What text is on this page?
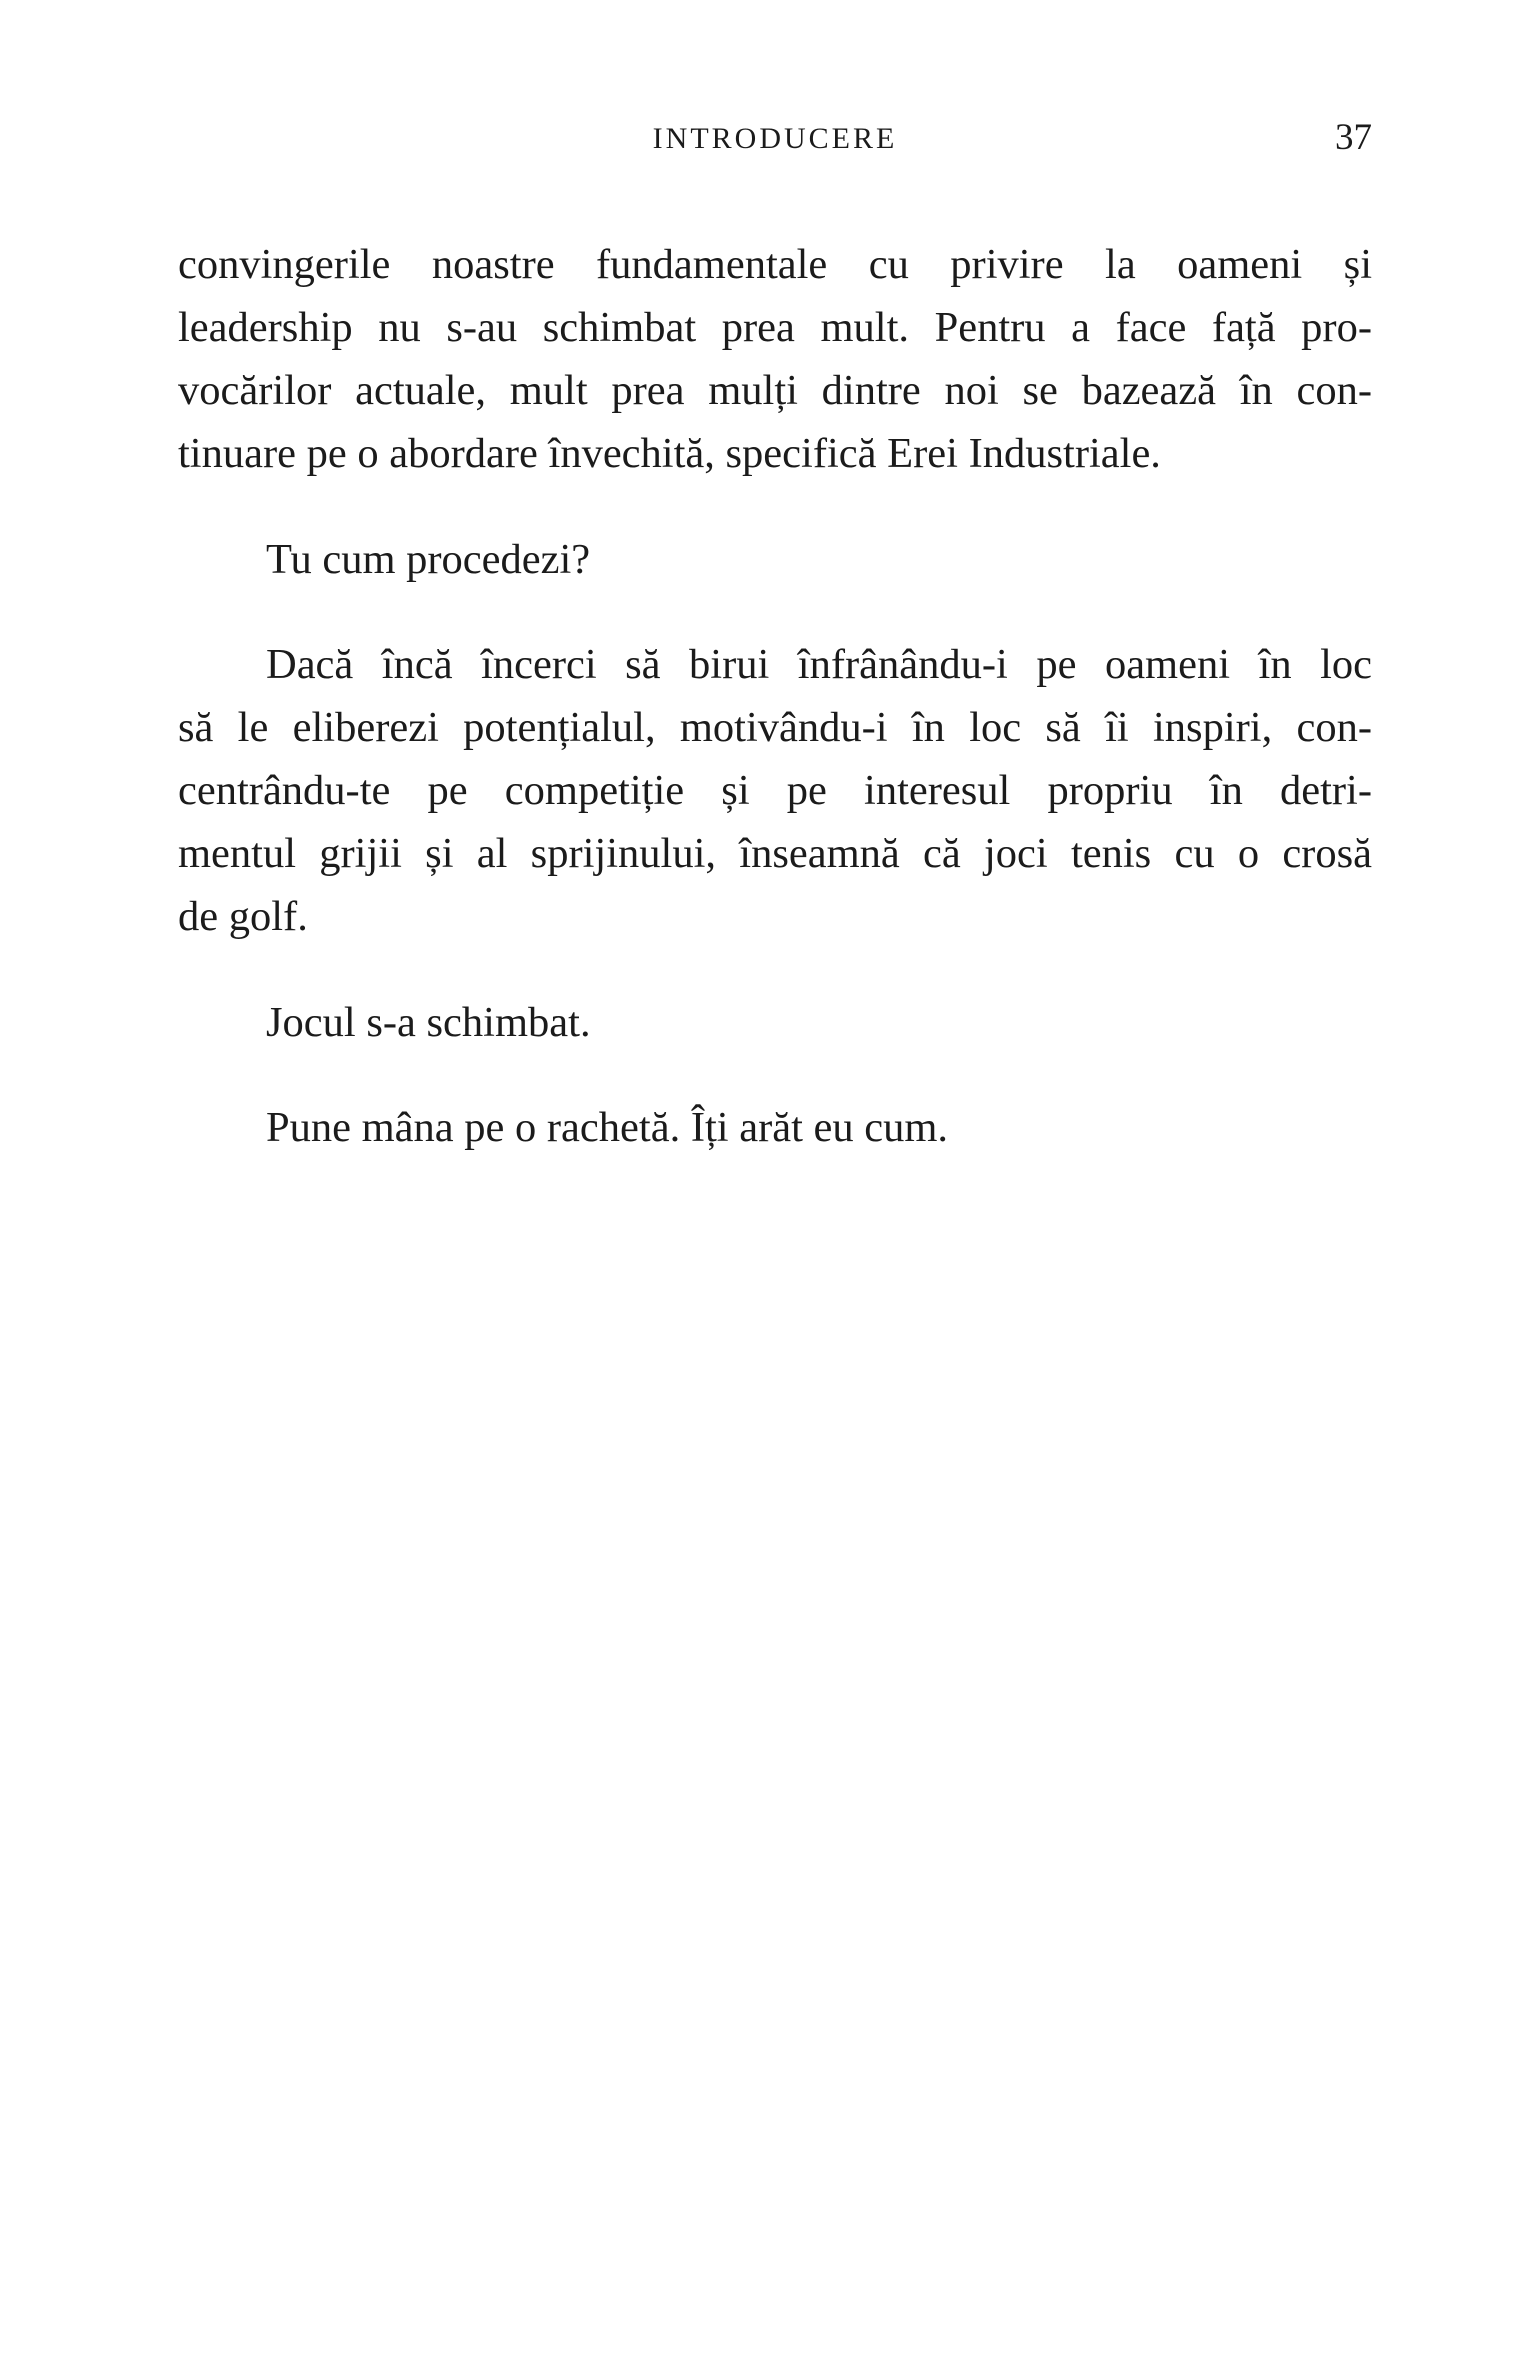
INTRODUCERE	37

convingerile noastre fundamentale cu privire la oameni și
leadership nu s-au schimbat prea mult. Pentru a face față pro-
vocărilor actuale, mult prea mulți dintre noi se bazează în con-
tinuare pe o abordare învechită, specifică Erei Industriale.

Tu cum procedezi?

Dacă încă încerci să birui înfrânându-i pe oameni în loc
să le eliberezi potențialul, motivându-i în loc să îi inspiri, con-
centrându-te pe competiție și pe interesul propriu în detri-
mentul grijii și al sprijinului, înseamnă că joci tenis cu o crosă
de golf.

Jocul s-a schimbat.

Pune mâna pe o rachetă. Îți arăt eu cum.
